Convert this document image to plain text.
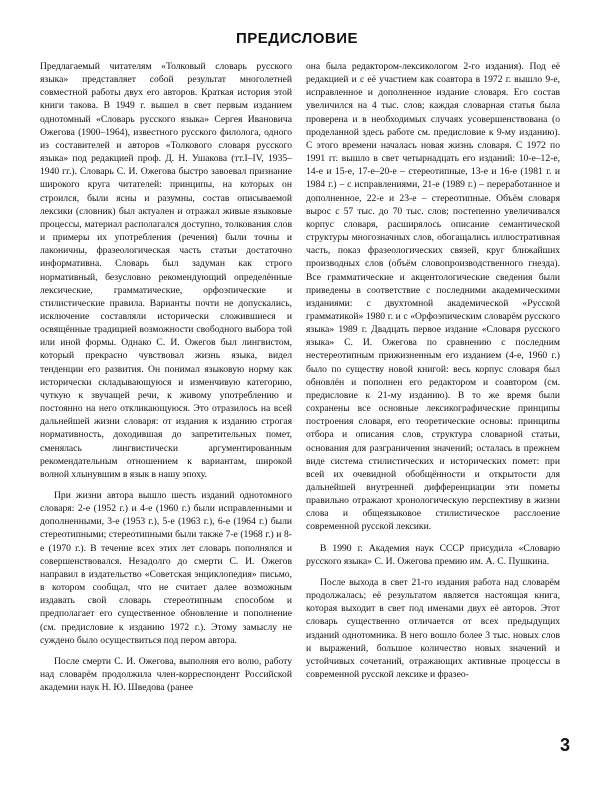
ПРЕДИСЛОВИЕ

Предлагаемый читателям «Толковый словарь русского языка» представляет собой результат многолетней совместной работы двух его авторов. Краткая история этой книги такова. В 1949 г. вышел в свет первым изданием однотомный «Словарь русского языка» Сергея Ивановича Ожегова (1900–1964), известного русского филолога, одного из составителей и авторов «Толкового словаря русского языка» под редакцией проф. Д. Н. Ушакова (тт.I–IV, 1935–1940 гг.). Словарь С. И. Ожегова быстро завоевал признание широкого круга читателей: принципы, на которых он строился, были ясны и разумны, состав описываемой лексики (словник) был актуален и отражал живые языковые процессы, материал располагался доступно, толкования слов и примеры их употребления (речения) были точны и лаконичны, фразеологическая часть статьи достаточно информативна. Словарь был задуман как строго нормативный, безусловно рекомендующий определённые лексические, грамматические, орфоэпические и стилистические правила. Варианты почти не допускались, исключение составляли исторически сложившиеся и освящённые традицией возможности свободного выбора той или иной формы. Однако С. И. Ожегов был лингвистом, который прекрасно чувствовал жизнь языка, видел тенденции его развития. Он понимал языковую норму как исторически складывающуюся и изменчивую категорию, чуткую к звучащей речи, к живому употреблению и постоянно на него откликающуюся. Это отразилось на всей дальнейшей жизни словаря: от издания к изданию строгая нормативность, доходившая до запретительных помет, сменялась лингвистически аргументированным рекомендательным отношением к вариантам, широкой волной хлынувшим в язык в нашу эпоху.

При жизни автора вышло шесть изданий однотомного словаря: 2-е (1952 г.) и 4-е (1960 г.) были исправленными и дополненными, 3-е (1953 г.), 5-е (1963 г.), 6-е (1964 г.) были стереотипными; стереотипными были также 7-е (1968 г.) и 8-е (1970 г.). В течение всех этих лет словарь пополнялся и совершенствовался. Незадолго до смерти С. И. Ожегов направил в издательство «Советская энциклопедия» письмо, в котором сообщал, что не считает далее возможным издавать свой словарь стереотипным способом и предполагает его существенное обновление и пополнение (см. предисловие к изданию 1972 г.). Этому замыслу не суждено было осуществиться под пером автора.

После смерти С. И. Ожегова, выполняя его волю, работу над словарём продолжила член-корреспондент Российской академии наук Н. Ю. Шведова (ранее

она была редактором-лексикологом 2-го издания). Под её редакцией и с её участием как соавтора в 1972 г. вышло 9-е, исправленное и дополненное издание словаря. Его состав увеличился на 4 тыс. слов; каждая словарная статья была проверена и в необходимых случаях усовершенствована (о проделанной здесь работе см. предисловие к 9-му изданию). С этого времени началась новая жизнь словаря. С 1972 по 1991 гг. вышло в свет четырнадцать его изданий: 10-е–12-е, 14-е и 15-е, 17-е–20-е – стереотипные, 13-е и 16-е (1981 г. и 1984 г.) – с исправлениями, 21-е (1989 г.) – переработанное и дополненное, 22-е и 23-е – стереотипные. Объём словаря вырос с 57 тыс. до 70 тыс. слов; постепенно увеличивался корпус словаря, расширялось описание семантической структуры многозначных слов, обогащались иллюстративная часть, показ фразеологических связей, круг ближайших производных слов (объём словопроизводственного гнезда). Все грамматические и акцентологические сведения были приведены в соответствие с последними академическими изданиями: с двухтомной академической «Русской грамматикой» 1980 г. и с «Орфоэпическим словарём русского языка» 1989 г. Двадцать первое издание «Словаря русского языка» С. И. Ожегова по сравнению с последним нестереотипным прижизненным его изданием (4-е, 1960 г.) было по существу новой книгой: весь корпус словаря был обновлён и пополнен его редактором и соавтором (см. предисловие к 21-му изданию). В то же время были сохранены все основные лексикографические принципы построения словаря, его теоретические основы: принципы отбора и описания слов, структура словарной статьи, основания для разграничения значений; осталась в прежнем виде система стилистических и исторических помет: при всей их очевидной обобщённости и открытости для дальнейшей внутренней дифференциации эти пометы правильно отражают хронологическую перспективу в жизни слова и общеязыковое стилистическое расслоение современной русской лексики.

В 1990 г. Академия наук СССР присудила «Словарю русского языка» С. И. Ожегова премию им. А. С. Пушкина.

После выхода в свет 21-го издания работа над словарём продолжалась; её результатом является настоящая книга, которая выходит в свет под именами двух её авторов. Этот словарь существенно отличается от всех предыдущих изданий однотомника. В него вошло более 3 тыс. новых слов и выражений, большое количество новых значений и устойчивых сочетаний, отражающих активные процессы в современной русской лексике и фразео-

3
